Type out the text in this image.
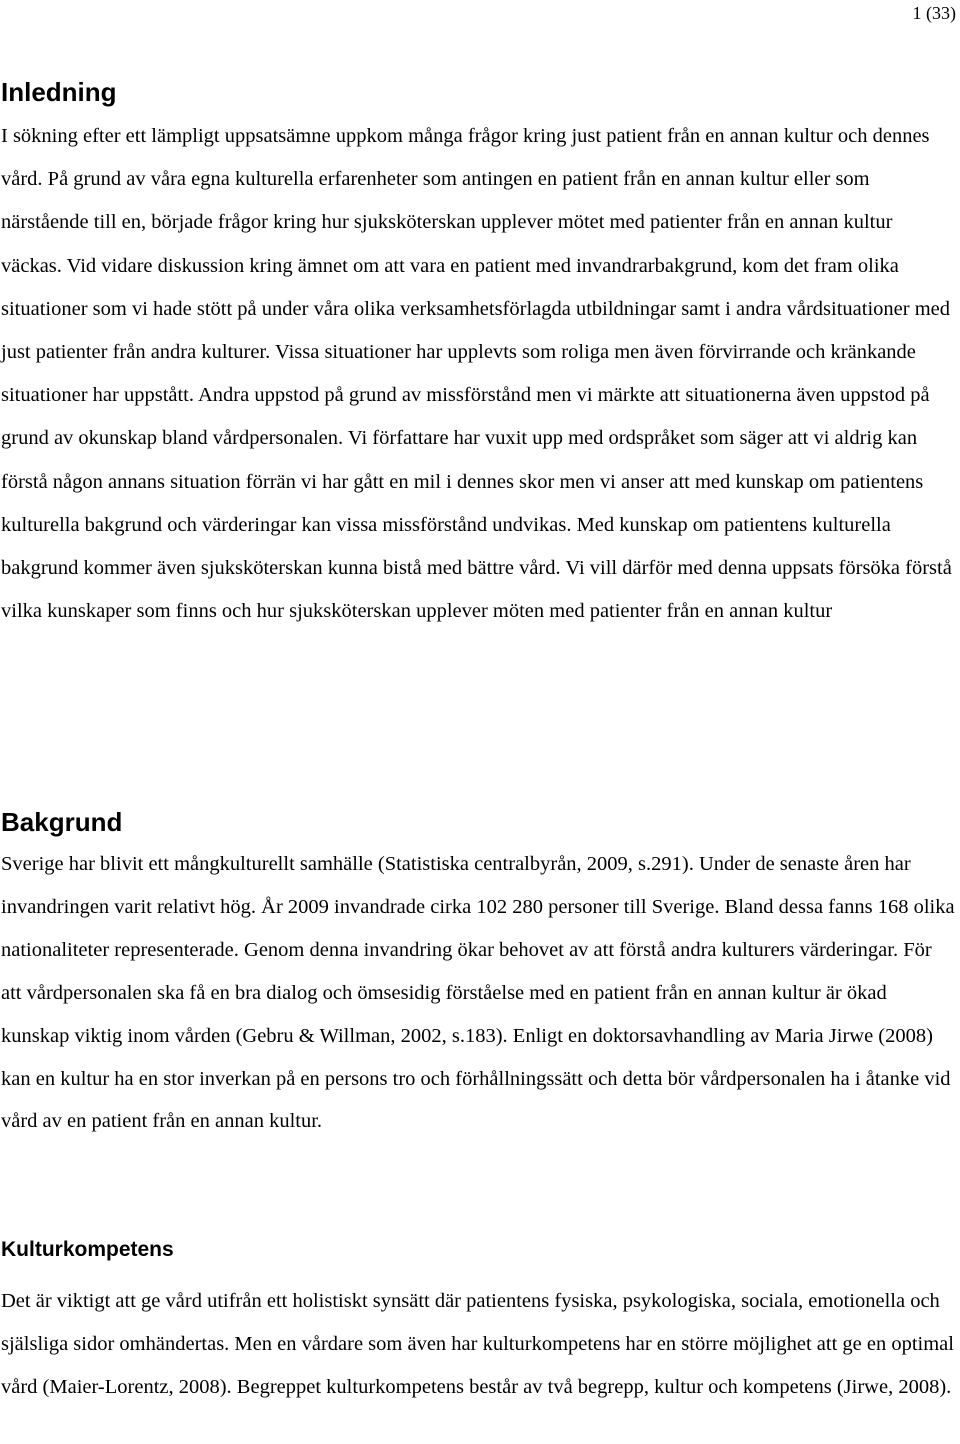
1 (33)
Inledning

I sökning efter ett lämpligt uppsatsämne uppkom många frågor kring just patient från en annan kultur och dennes vård. På grund av våra egna kulturella erfarenheter som antingen en patient från en annan kultur eller som närstående till en, började frågor kring hur sjuksköterskan upplever mötet med patienter från en annan kultur väckas. Vid vidare diskussion kring ämnet om att vara en patient med invandrarbakgrund, kom det fram olika situationer som vi hade stött på under våra olika verksamhetsförlagda utbildningar samt i andra vårdsituationer med just patienter från andra kulturer. Vissa situationer har upplevts som roliga men även förvirrande och kränkande situationer har uppstått. Andra uppstod på grund av missförstånd men vi märkte att situationerna även uppstod på grund av okunskap bland vårdpersonalen. Vi författare har vuxit upp med ordspråket som säger att vi aldrig kan förstå någon annans situation förrän vi har gått en mil i dennes skor men vi anser att med kunskap om patientens kulturella bakgrund och värderingar kan vissa missförstånd undvikas. Med kunskap om patientens kulturella bakgrund kommer även sjuksköterskan kunna bistå med bättre vård. Vi vill därför med denna uppsats försöka förstå vilka kunskaper som finns och hur sjuksköterskan upplever möten med patienter från en annan kultur

Bakgrund

Sverige har blivit ett mångkulturellt samhälle (Statistiska centralbyrån, 2009, s.291). Under de senaste åren har invandringen varit relativt hög. År 2009 invandrade cirka 102 280 personer till Sverige. Bland dessa fanns 168 olika nationaliteter representerade. Genom denna invandring ökar behovet av att förstå andra kulturers värderingar. För att vårdpersonalen ska få en bra dialog och ömsesidig förståelse med en patient från en annan kultur är ökad kunskap viktig inom vården (Gebru & Willman, 2002, s.183). Enligt en doktorsavhandling av Maria Jirwe (2008) kan en kultur ha en stor inverkan på en persons tro och förhållningssätt och detta bör vårdpersonalen ha i åtanke vid vård av en patient från en annan kultur.

Kulturkompetens

Det är viktigt att ge vård utifrån ett holistiskt synsätt där patientens fysiska, psykologiska, sociala, emotionella och själsliga sidor omhändertas. Men en vårdare som även har kulturkompetens har en större möjlighet att ge en optimal vård (Maier-Lorentz, 2008). Begreppet kulturkompetens består av två begrepp, kultur och kompetens (Jirwe, 2008).
